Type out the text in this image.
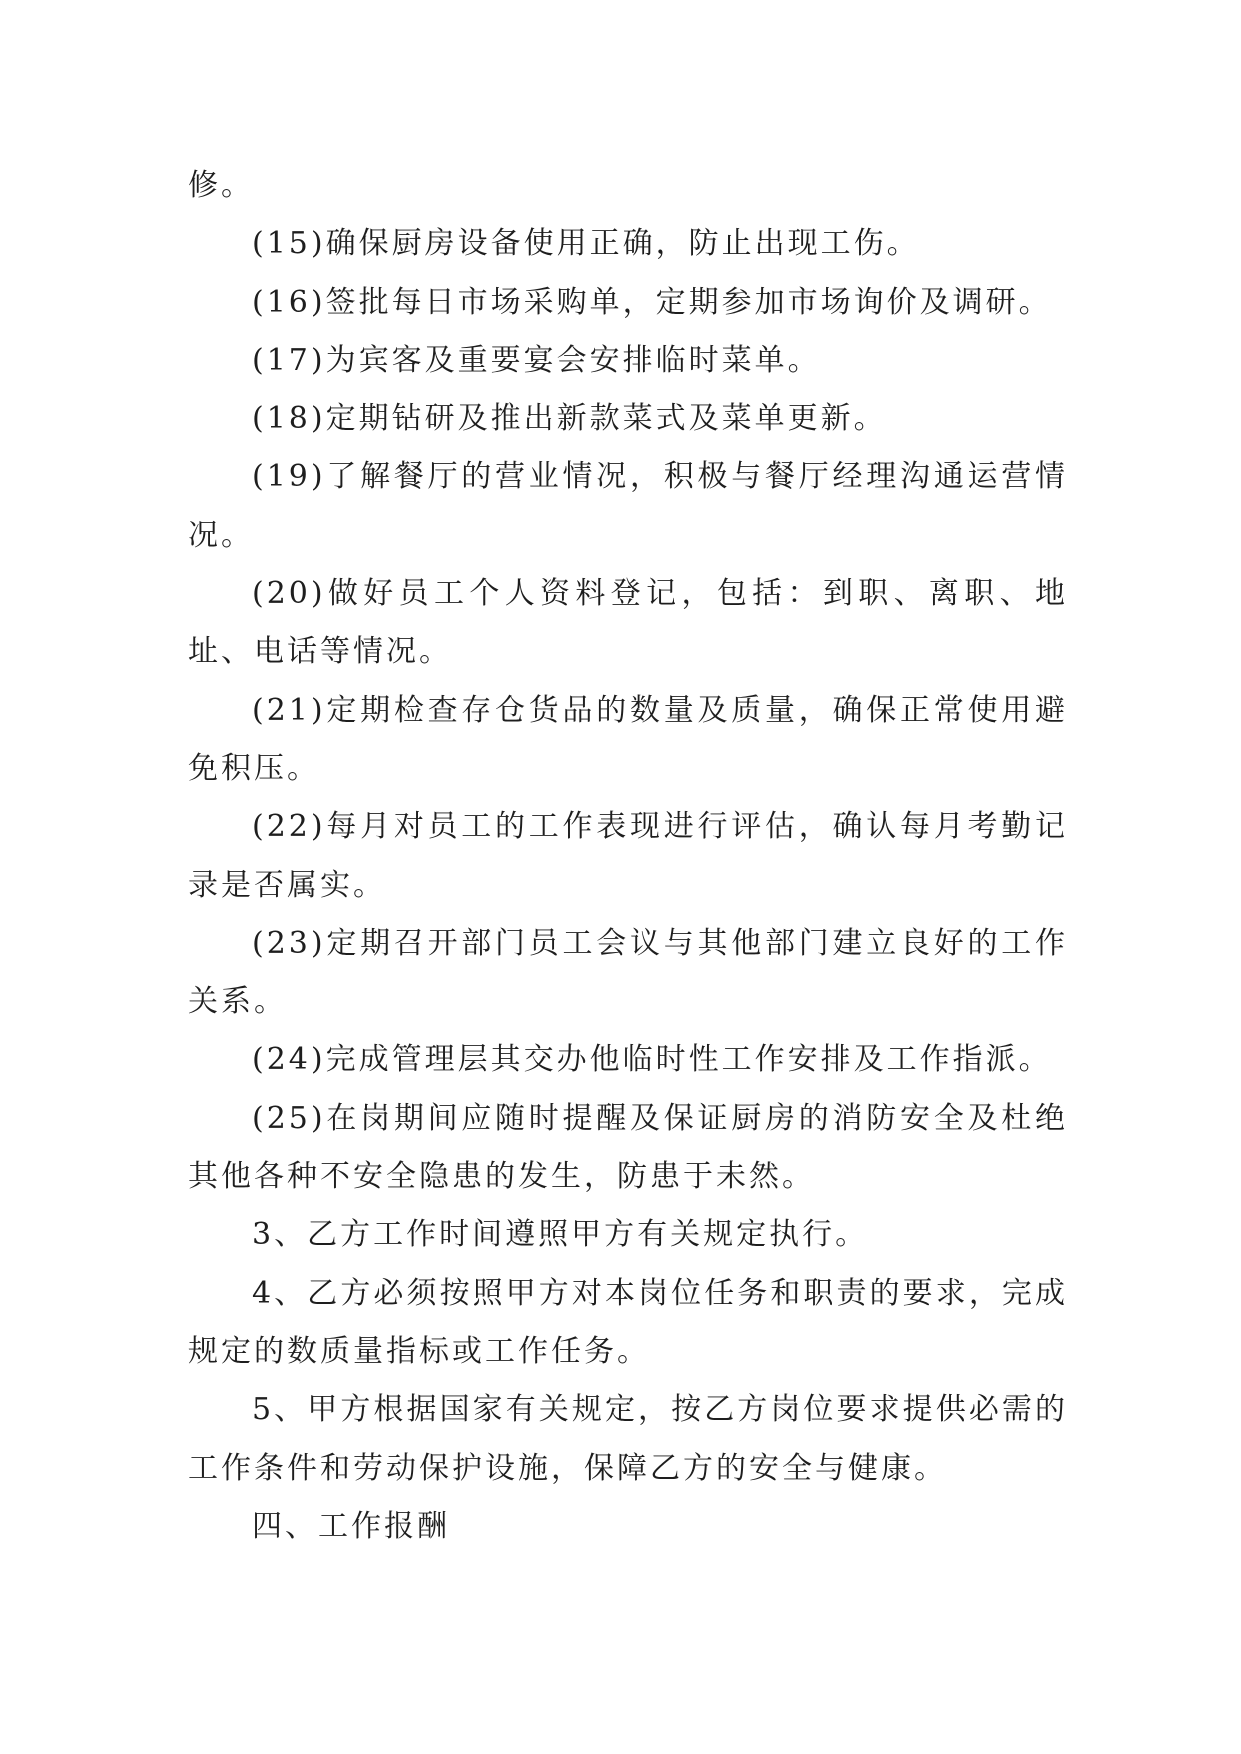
修。

(15)确保厨房设备使用正确，防止出现工伤。

(16)签批每日市场采购单，定期参加市场询价及调研。

(17)为宾客及重要宴会安排临时菜单。

(18)定期钻研及推出新款菜式及菜单更新。

(19)了解餐厅的营业情况，积极与餐厅经理沟通运营情况。

(20)做好员工个人资料登记，包括：到职、离职、地址、电话等情况。

(21)定期检查存仓货品的数量及质量，确保正常使用避免积压。

(22)每月对员工的工作表现进行评估，确认每月考勤记录是否属实。

(23)定期召开部门员工会议与其他部门建立良好的工作关系。

(24)完成管理层其交办他临时性工作安排及工作指派。

(25)在岗期间应随时提醒及保证厨房的消防安全及杜绝其他各种不安全隐患的发生，防患于未然。

3、乙方工作时间遵照甲方有关规定执行。

4、乙方必须按照甲方对本岗位任务和职责的要求，完成规定的数质量指标或工作任务。

5、甲方根据国家有关规定，按乙方岗位要求提供必需的工作条件和劳动保护设施，保障乙方的安全与健康。

四、工作报酬
